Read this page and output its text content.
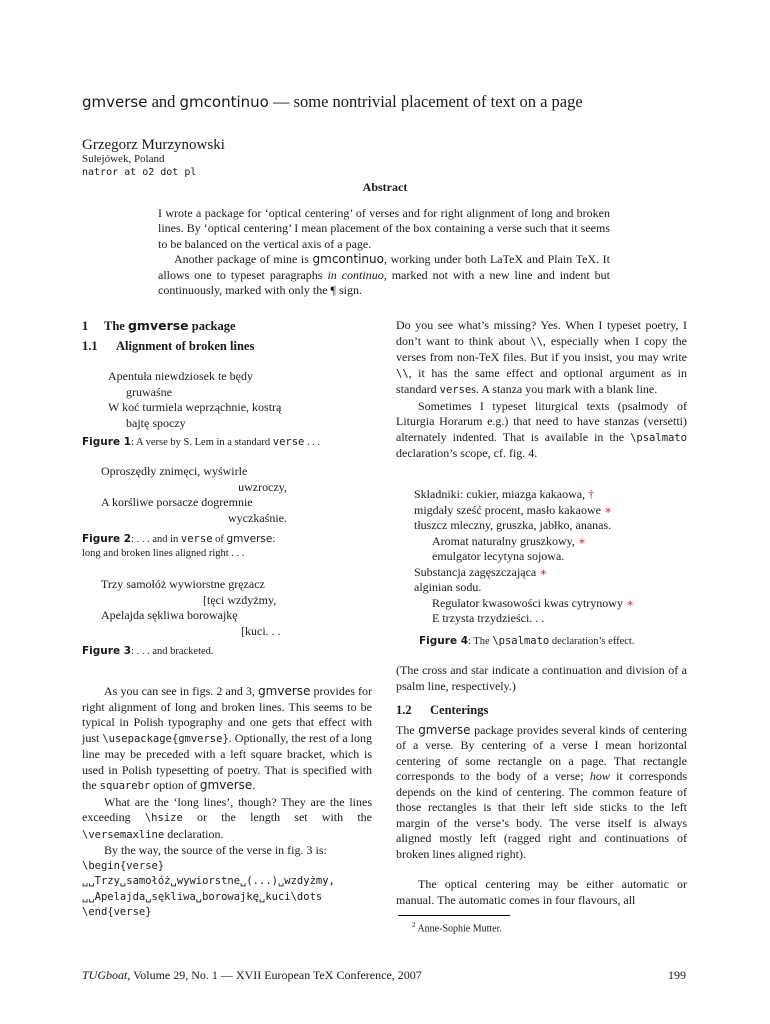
gmverse and gmcontinuo — some nontrivial placement of text on a page
Grzegorz Murzynowski
Sulejówek, Poland
natror at o2 dot pl
Abstract

I wrote a package for ‘optical centering’ of verses and for right alignment of long and broken lines. By ‘optical centering’ I mean placement of the box containing a verse such that it seems to be balanced on the vertical axis of a page.

Another package of mine is gmcontinuo, working under both LaTeX and Plain TeX. It allows one to typeset paragraphs in continuo, marked not with a new line and indent but continuously, marked with only the ¶ sign.

1 The gmverse package
1.1 Alignment of broken lines
Apentuła niewdziosek te będy
gruwaśne
W koć turmiela weprząchnie, kostrą
bajtę spoczy
Figure 1: A verse by S. Lem in a standard verse . . .
Oproszędły znimęci, wyświrle
uwzroczy,
A korśliwe porsacze dogremnie
wyczkaśnie.
Figure 2: . . . and in verse of gmverse:
long and broken lines aligned right . . .
Trzy samołóż wywiorstne gręzacz
[tęci wzdyżmy,
Apelajda sękliwa borowajkę
[kuci. . .
Figure 3: . . . and bracketed.

As you can see in figs. 2 and 3, gmverse provides for right alignment of long and broken lines. This seems to be typical in Polish typography and one gets that effect with just \usepackage{gmverse}. Optionally, the rest of a long line may be preceded with a left square bracket, which is used in Polish typesetting of poetry. That is specified with the squarebr option of gmverse.

What are the ‘long lines’, though? They are the lines exceeding \hsize or the length set with the \versemaxline declaration.

By the way, the source of the verse in fig. 3 is:

\begin{verse}
␣␣Trzy␣samołóż␣wywiorstne␣(...)␣wzdyżmy,
␣␣Apelajda␣sękliwa␣borowajkę␣kuci\dots
\end{verse}

Do you see what’s missing? Yes. When I typeset poetry, I don’t want to think about \\, especially when I copy the verses from non-TeX files. But if you insist, you may write \\, it has the same effect and optional argument as in standard verses. A stanza you mark with a blank line.

Sometimes I typeset liturgical texts (psalmody of Liturgia Horarum e.g.) that need to have stanzas (versetti) alternately indented. That is available in the \psalmato declaration’s scope, cf. fig. 4.

Składniki: cukier, miazga kakaowa, †
migdały sześć procent, masło kakaowe ∗
tłuszcz mleczny, gruszka, jabłko, ananas.
Aromat naturalny gruszkowy, ∗
emulgator lecytyna sojowa.
Substancja zagęszczająca ∗
alginian sodu.
Regulator kwasowości kwas cytrynowy ∗
E trzysta trzydzieści. . .
Figure 4: The \psalmato declaration’s effect.

(The cross and star indicate a continuation and division of a psalm line, respectively.)

1.2 Centerings

The gmverse package provides several kinds of centering of a verse. By centering of a verse I mean horizontal centering of some rectangle on a page. That rectangle corresponds to the body of a verse; how it corresponds depends on the kind of centering. The common feature of those rectangles is that their left side sticks to the left margin of the verse’s body. The verse itself is always aligned mostly left (ragged right and continuations of broken lines aligned right).

The optical centering may be either automatic or manual. The automatic comes in four flavours, all

$^2$ Anne-Sophie Mutter.
TUGboat, Volume 29, No. 1 — XVII European TeX Conference, 2007	199
